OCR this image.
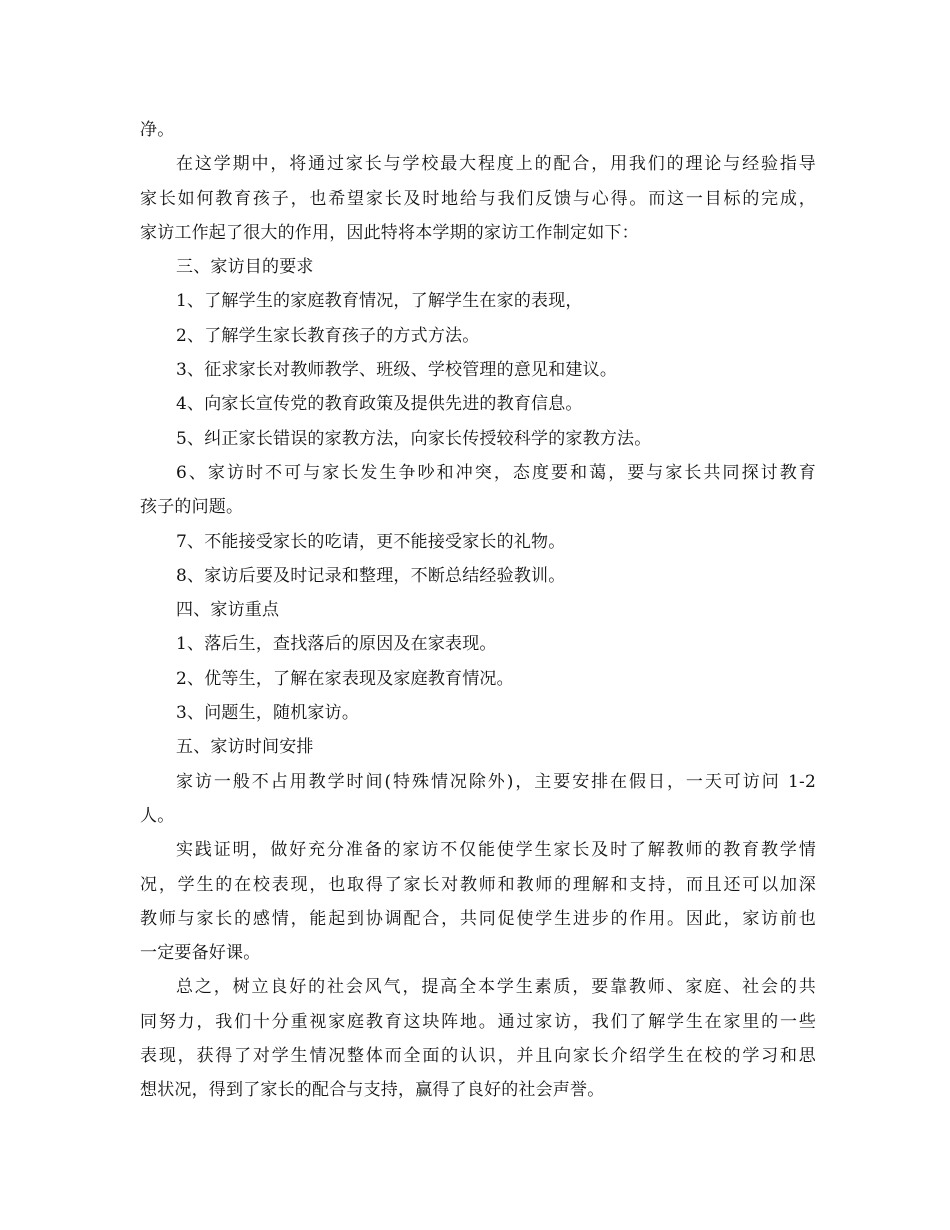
净。
在这学期中，将通过家长与学校最大程度上的配合，用我们的理论与经验指导
家长如何教育孩子，也希望家长及时地给与我们反馈与心得。而这一目标的完成，
家访工作起了很大的作用，因此特将本学期的家访工作制定如下：
三、家访目的要求
1、了解学生的家庭教育情况，了解学生在家的表现，
2、了解学生家长教育孩子的方式方法。
3、征求家长对教师教学、班级、学校管理的意见和建议。
4、向家长宣传党的教育政策及提供先进的教育信息。
5、纠正家长错误的家教方法，向家长传授较科学的家教方法。
6、家访时不可与家长发生争吵和冲突，态度要和蔼，要与家长共同探讨教育
孩子的问题。
7、不能接受家长的吃请，更不能接受家长的礼物。
8、家访后要及时记录和整理，不断总结经验教训。
四、家访重点
1、落后生，查找落后的原因及在家表现。
2、优等生，了解在家表现及家庭教育情况。
3、问题生，随机家访。
五、家访时间安排
家访一般不占用教学时间(特殊情况除外)，主要安排在假日，一天可访问 1-2
人。
实践证明，做好充分准备的家访不仅能使学生家长及时了解教师的教育教学情
况，学生的在校表现，也取得了家长对教师和教师的理解和支持，而且还可以加深
教师与家长的感情，能起到协调配合，共同促使学生进步的作用。因此，家访前也
一定要备好课。
总之，树立良好的社会风气，提高全本学生素质，要靠教师、家庭、社会的共
同努力，我们十分重视家庭教育这块阵地。通过家访，我们了解学生在家里的一些
表现，获得了对学生情况整体而全面的认识，并且向家长介绍学生在校的学习和思
想状况，得到了家长的配合与支持，赢得了良好的社会声誉。
